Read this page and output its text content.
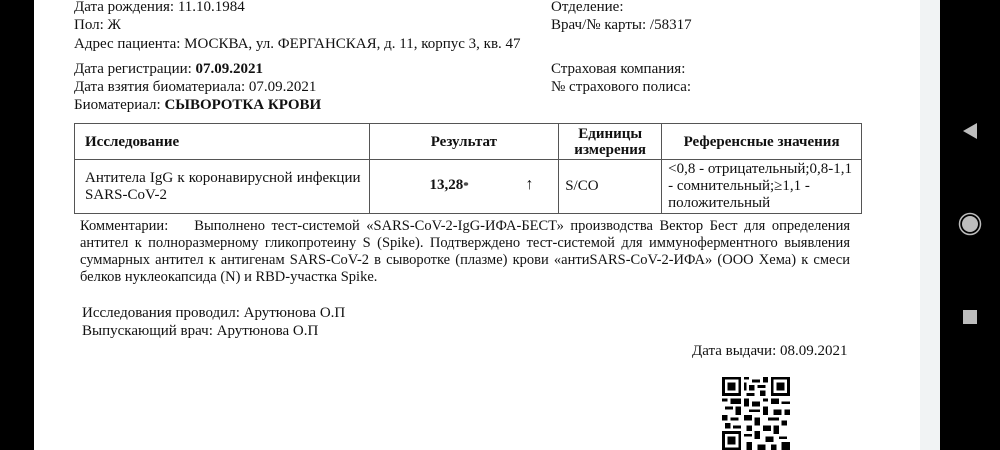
Дата рождения: 11.10.1984
Пол: Ж
Адрес пациента: МОСКВА, ул. ФЕРГАНСКАЯ, д. 11, корпус 3, кв. 47
Дата регистрации: 07.09.2021
Дата взятия биоматериала: 07.09.2021
Биоматериал: СЫВОРОТКА КРОВИ
Отделение:
Врач/№ карты: /58317
Страховая компания:
№ страхового полиса:
Исследование	Результат	Единицы измерения	Референсные значения
Антитела IgG к коронавирусной инфекции SARS-CoV-2	13,28* ↑	S/CO	<0,8 - отрицательный;0,8-1,1 - сомнительный;≥1,1 - положительный
Комментарии: Выполнено тест-системой «SARS-CoV-2-IgG-ИФА-БЕСТ» производства Вектор Бест для определения антител к полноразмерному гликопротеину S (Spike). Подтверждено тест-системой для иммуноферментного выявления суммарных антител к антигенам SARS-CoV-2 в сыворотке (плазме) крови «антиSARS-CoV-2-ИФА» (ООО Хема) к смеси белков нуклеокапсида (N) и RBD-участка Spike.
Исследования проводил: Арутюнова О.П
Выпускающий врач: Арутюнова О.П
Дата выдачи: 08.09.2021
